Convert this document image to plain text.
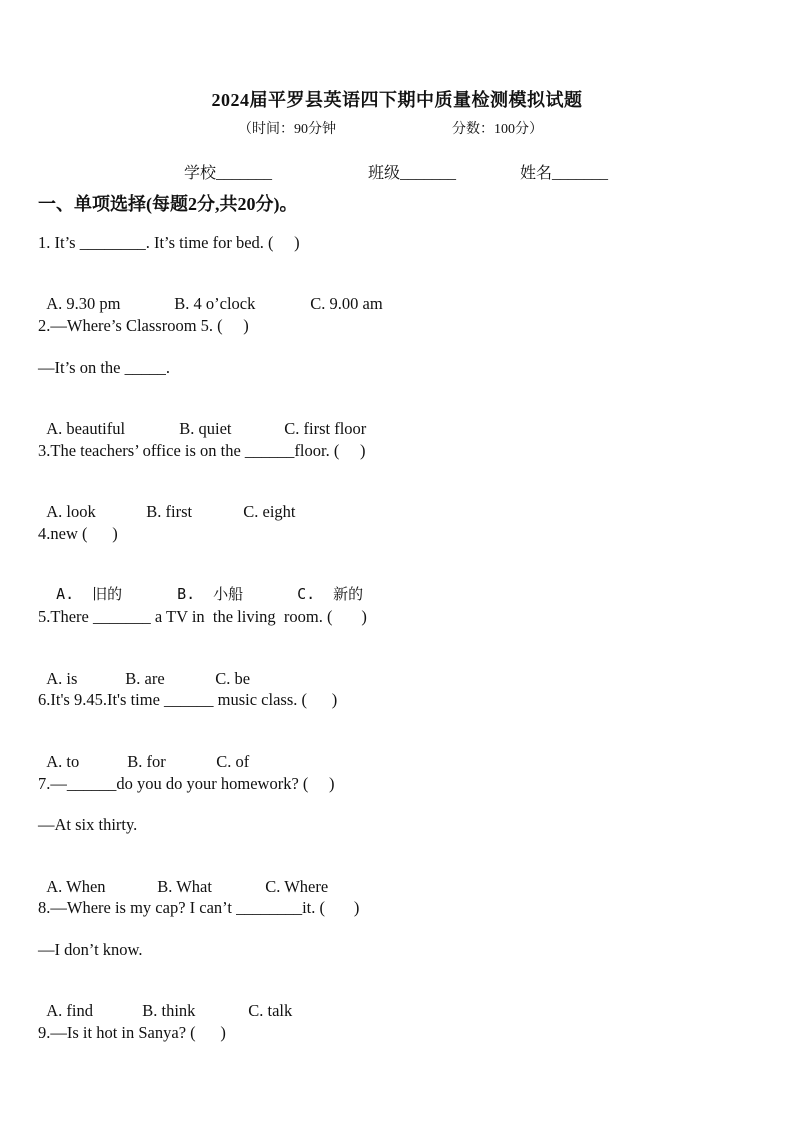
2024届平罗县英语四下期中质量检测模拟试题
（时间：90分钟	分数：100分）
学校_______	班级_______	姓名_______
一、单项选择(每题2分,共20分)。
1. It’s ________. It’s time for bed. (     )

A. 9.30 pm	B. 4 o’clock	C. 9.00 am

2.—Where’s Classroom 5. (     )
—It’s on the _____.

A. beautiful	B. quiet	C. first floor

3.The teachers’ office is on the ______floor. (     )

A. look	B. first	C. eight

4.new (      )

A.  旧的	B.  小船	C.  新的

5.There _______ a TV in  the living  room. (       )

A. is	B. are	C. be

6.It's 9.45.It's time ______ music class. (      )

A. to	B. for	C. of

7.—______do you do your homework? (     )
—At six thirty.

A. When	B. What	C. Where

8.—Where is my cap? I can’t ________it. (       )
—I don’t know.

A. find	B. think	C. talk

9.—Is it hot in Sanya? (      )
